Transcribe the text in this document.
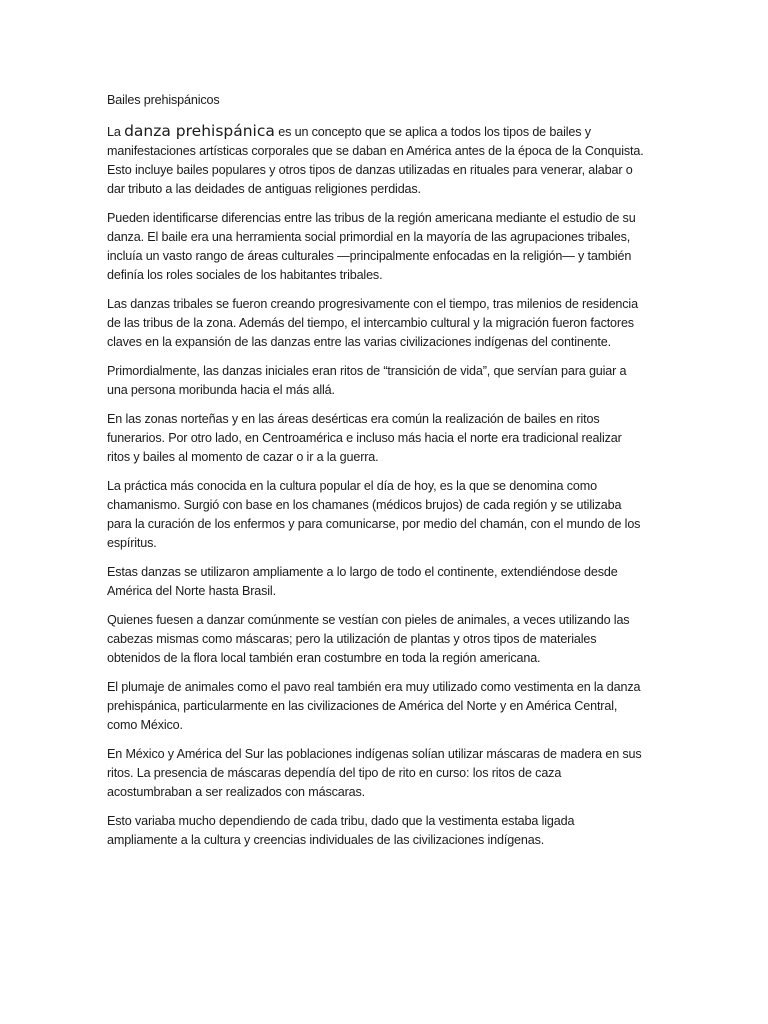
Bailes prehispánicos

La danza prehispánica es un concepto que se aplica a todos los tipos de bailes y manifestaciones artísticas corporales que se daban en América antes de la época de la Conquista. Esto incluye bailes populares y otros tipos de danzas utilizadas en rituales para venerar, alabar o dar tributo a las deidades de antiguas religiones perdidas.

Pueden identificarse diferencias entre las tribus de la región americana mediante el estudio de su danza. El baile era una herramienta social primordial en la mayoría de las agrupaciones tribales, incluía un vasto rango de áreas culturales —principalmente enfocadas en la religión— y también definía los roles sociales de los habitantes tribales.

Las danzas tribales se fueron creando progresivamente con el tiempo, tras milenios de residencia de las tribus de la zona. Además del tiempo, el intercambio cultural y la migración fueron factores claves en la expansión de las danzas entre las varias civilizaciones indígenas del continente.

Primordialmente, las danzas iniciales eran ritos de “transición de vida”, que servían para guiar a una persona moribunda hacia el más allá.

En las zonas norteñas y en las áreas desérticas era común la realización de bailes en ritos funerarios. Por otro lado, en Centroamérica e incluso más hacia el norte era tradicional realizar ritos y bailes al momento de cazar o ir a la guerra.

La práctica más conocida en la cultura popular el día de hoy, es la que se denomina como chamanismo. Surgió con base en los chamanes (médicos brujos) de cada región y se utilizaba para la curación de los enfermos y para comunicarse, por medio del chamán, con el mundo de los espíritus.

Estas danzas se utilizaron ampliamente a lo largo de todo el continente, extendiéndose desde América del Norte hasta Brasil.

Quienes fuesen a danzar comúnmente se vestían con pieles de animales, a veces utilizando las cabezas mismas como máscaras; pero la utilización de plantas y otros tipos de materiales obtenidos de la flora local también eran costumbre en toda la región americana.

El plumaje de animales como el pavo real también era muy utilizado como vestimenta en la danza prehispánica, particularmente en las civilizaciones de América del Norte y en América Central, como México.

En México y América del Sur las poblaciones indígenas solían utilizar máscaras de madera en sus ritos. La presencia de máscaras dependía del tipo de rito en curso: los ritos de caza acostumbraban a ser realizados con máscaras.

Esto variaba mucho dependiendo de cada tribu, dado que la vestimenta estaba ligada ampliamente a la cultura y creencias individuales de las civilizaciones indígenas.
